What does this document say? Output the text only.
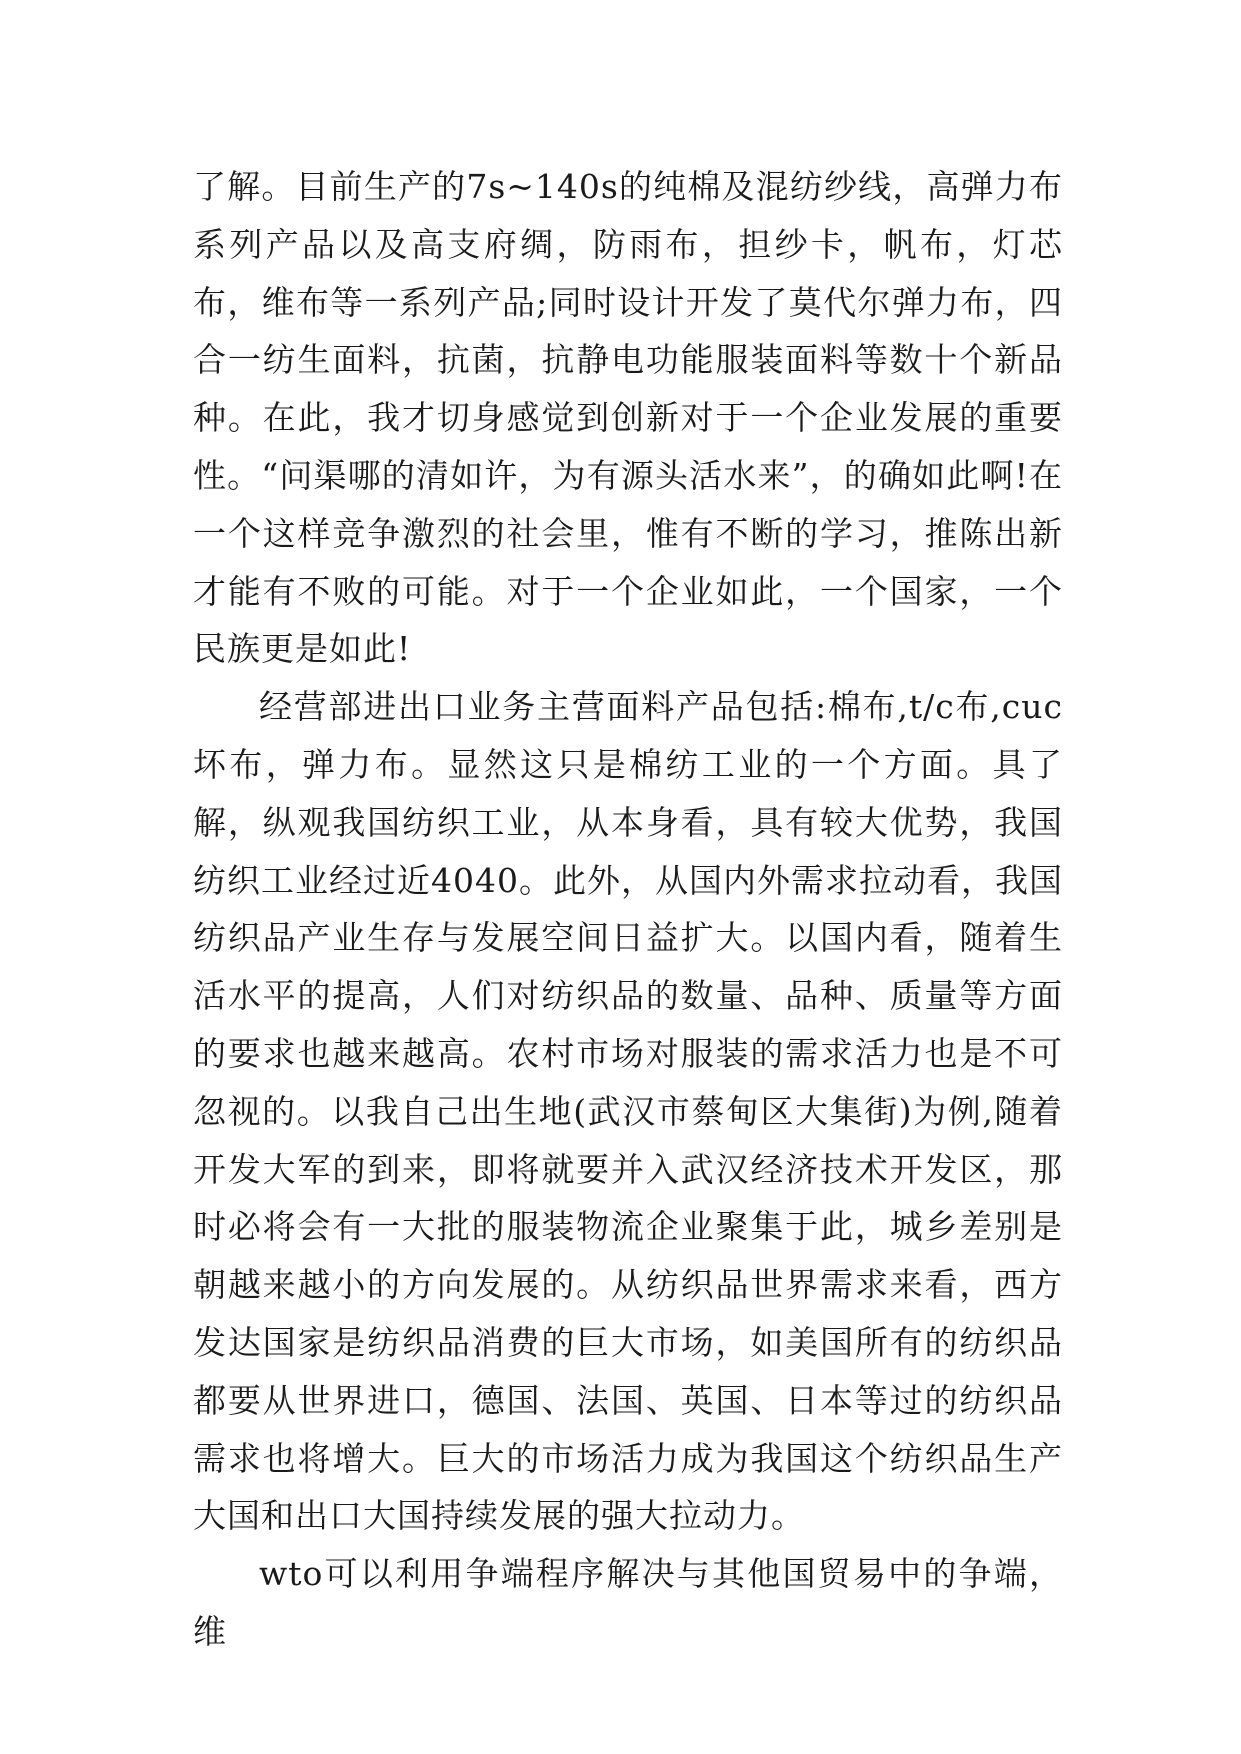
了解。目前生产的7s~140s的纯棉及混纺纱线，高弹力布系列产品以及高支府绸，防雨布，担纱卡，帆布，灯芯布，维布等一系列产品;同时设计开发了莫代尔弹力布，四合一纺生面料，抗菌，抗静电功能服装面料等数十个新品种。在此，我才切身感觉到创新对于一个企业发展的重要性。“问渠哪的清如许，为有源头活水来”，的确如此啊!在一个这样竞争激烈的社会里，惟有不断的学习，推陈出新才能有不败的可能。对于一个企业如此，一个国家，一个民族更是如此!

经营部进出口业务主营面料产品包括:棉布,t/c布,cuc坏布，弹力布。显然这只是棉纺工业的一个方面。具了解，纵观我国纺织工业，从本身看，具有较大优势，我国纺织工业经过近4040。此外，从国内外需求拉动看，我国纺织品产业生存与发展空间日益扩大。以国内看，随着生活水平的提高，人们对纺织品的数量、品种、质量等方面的要求也越来越高。农村市场对服装的需求活力也是不可忽视的。以我自己出生地(武汉市蔡甸区大集街)为例,随着开发大军的到来，即将就要并入武汉经济技术开发区，那时必将会有一大批的服装物流企业聚集于此，城乡差别是朝越来越小的方向发展的。从纺织品世界需求来看，西方发达国家是纺织品消费的巨大市场，如美国所有的纺织品都要从世界进口，德国、法国、英国、日本等过的纺织品需求也将增大。巨大的市场活力成为我国这个纺织品生产大国和出口大国持续发展的强大拉动力。

wto可以利用争端程序解决与其他国贸易中的争端，维
